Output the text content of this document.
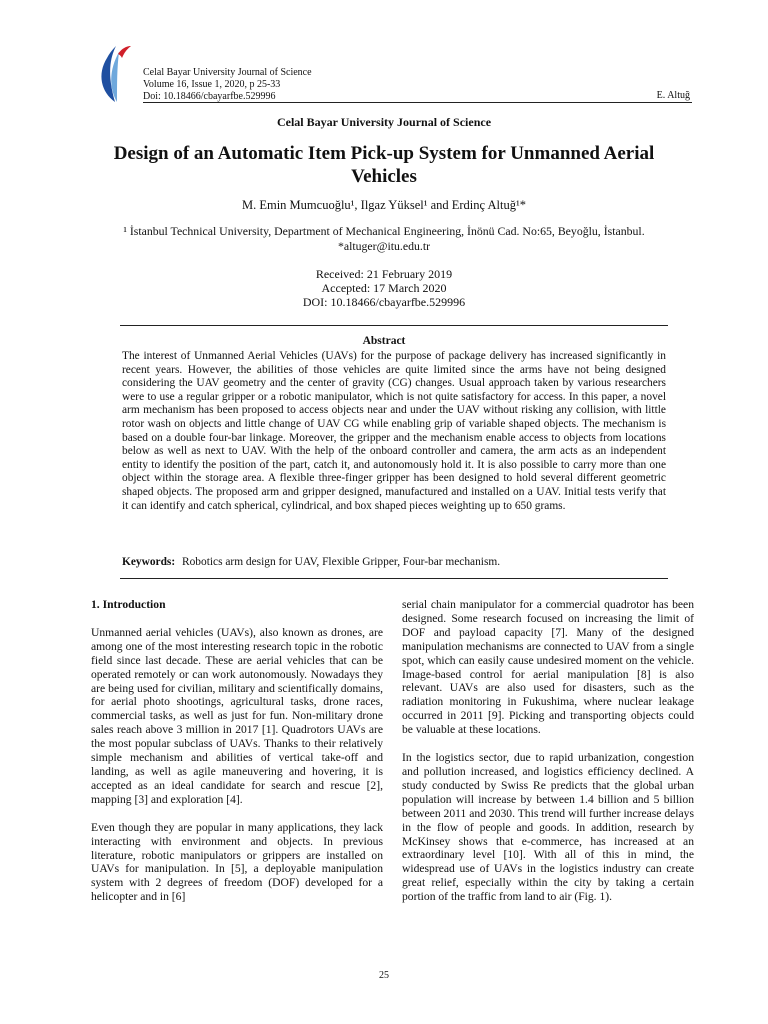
Celal Bayar University Journal of Science
Volume 16, Issue 1, 2020, p 25-33
Doi: 10.18466/cbayarfbe.529996	E. Altuğ
Celal Bayar University Journal of Science
Design of an Automatic Item Pick-up System for Unmanned Aerial Vehicles
M. Emin Mumcuoğlu¹, Ilgaz Yüksel¹ and Erdinç Altuğ¹*
¹ İstanbul Technical University, Department of Mechanical Engineering, İnönü Cad. No:65, Beyoğlu, İstanbul.
*altuger@itu.edu.tr
Received: 21 February 2019
Accepted: 17 March 2020
DOI: 10.18466/cbayarfbe.529996
Abstract
The interest of Unmanned Aerial Vehicles (UAVs) for the purpose of package delivery has increased significantly in recent years. However, the abilities of those vehicles are quite limited since the arms have not being designed considering the UAV geometry and the center of gravity (CG) changes. Usual approach taken by various researchers were to use a regular gripper or a robotic manipulator, which is not quite satisfactory for access. In this paper, a novel arm mechanism has been proposed to access objects near and under the UAV without risking any collision, with little rotor wash on objects and little change of UAV CG while enabling grip of variable shaped objects. The mechanism is based on a double four-bar linkage. Moreover, the gripper and the mechanism enable access to objects from locations below as well as next to UAV. With the help of the onboard controller and camera, the arm acts as an independent entity to identify the position of the part, catch it, and autonomously hold it. It is also possible to carry more than one object within the storage area. A flexible three-finger gripper has been designed to hold several different geometric shaped objects. The proposed arm and gripper designed, manufactured and installed on a UAV. Initial tests verify that it can identify and catch spherical, cylindrical, and box shaped pieces weighting up to 650 grams.
Keywords: Robotics arm design for UAV, Flexible Gripper, Four-bar mechanism.
1. Introduction

Unmanned aerial vehicles (UAVs), also known as drones, are among one of the most interesting research topic in the robotic field since last decade. These are aerial vehicles that can be operated remotely or can work autonomously. Nowadays they are being used for civilian, military and scientifically domains, for aerial photo shootings, agricultural tasks, drone races, commercial tasks, as well as just for fun. Non-military drone sales reach above 3 million in 2017 [1]. Quadrotors UAVs are the most popular subclass of UAVs. Thanks to their relatively simple mechanism and abilities of vertical take-off and landing, as well as agile maneuvering and hovering, it is accepted as an ideal candidate for search and rescue [2], mapping [3] and exploration [4].

Even though they are popular in many applications, they lack interacting with environment and objects. In previous literature, robotic manipulators or grippers are installed on UAVs for manipulation. In [5], a deployable manipulation system with 2 degrees of freedom (DOF) developed for a helicopter and in [6]

serial chain manipulator for a commercial quadrotor has been designed. Some research focused on increasing the limit of DOF and payload capacity [7]. Many of the designed manipulation mechanisms are connected to UAV from a single spot, which can easily cause undesired moment on the vehicle. Image-based control for aerial manipulation [8] is also relevant. UAVs are also used for disasters, such as the radiation monitoring in Fukushima, where nuclear leakage occurred in 2011 [9]. Picking and transporting objects could be valuable at these locations.

In the logistics sector, due to rapid urbanization, congestion and pollution increased, and logistics efficiency declined. A study conducted by Swiss Re predicts that the global urban population will increase by between 1.4 billion and 5 billion between 2011 and 2030. This trend will further increase delays in the flow of people and goods. In addition, research by McKinsey shows that e-commerce, has increased at an extraordinary level [10]. With all of this in mind, the widespread use of UAVs in the logistics industry can create great relief, especially within the city by taking a certain portion of the traffic from land to air (Fig. 1).

25
